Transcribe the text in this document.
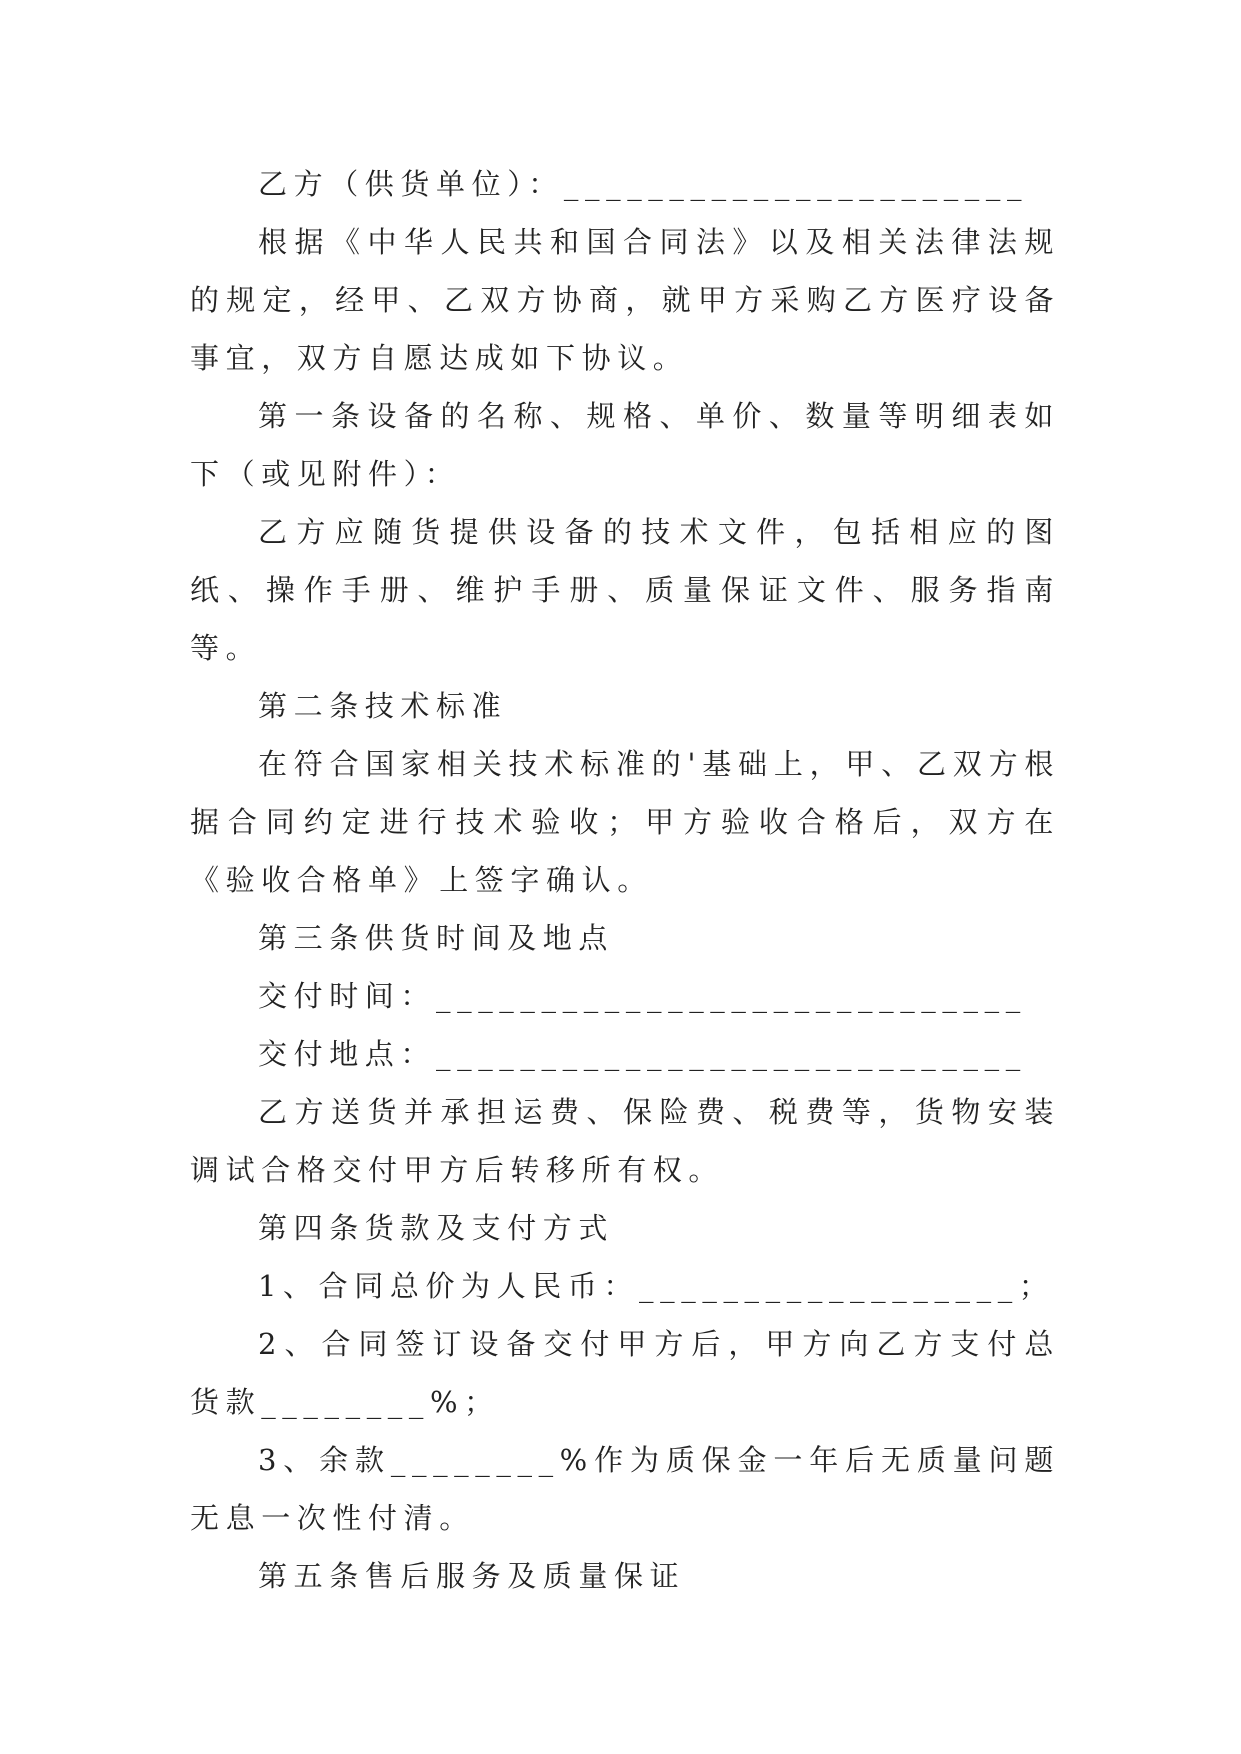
乙方（供货单位）：______________________

根据《中华人民共和国合同法》以及相关法律法规的规定，经甲、乙双方协商，就甲方采购乙方医疗设备事宜，双方自愿达成如下协议。

第一条设备的名称、规格、单价、数量等明细表如下（或见附件）：

乙方应随货提供设备的技术文件，包括相应的图纸、操作手册、维护手册、质量保证文件、服务指南等。

第二条技术标准

在符合国家相关技术标准的'基础上，甲、乙双方根据合同约定进行技术验收；甲方验收合格后，双方在《验收合格单》上签字确认。

第三条供货时间及地点

交付时间：____________________________

交付地点：____________________________

乙方送货并承担运费、保险费、税费等，货物安装调试合格交付甲方后转移所有权。

第四条货款及支付方式

1、合同总价为人民币：__________________；

2、合同签订设备交付甲方后，甲方向乙方支付总货款________%；

3、余款________%作为质保金一年后无质量问题无息一次性付清。

第五条售后服务及质量保证
